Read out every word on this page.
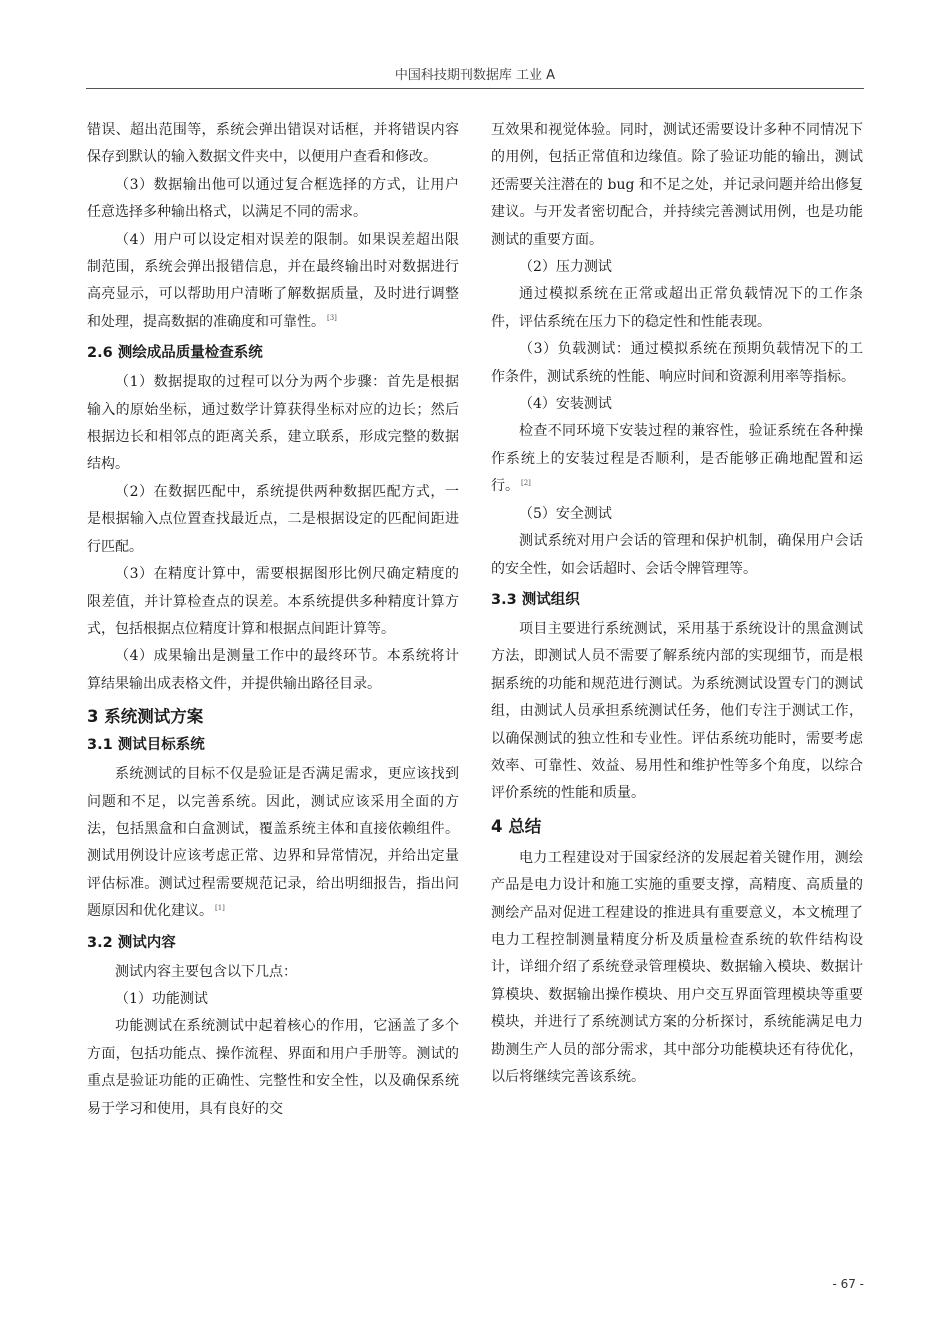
中国科技期刊数据库 工业 A

错误、超出范围等，系统会弹出错误对话框，并将错误内容保存到默认的输入数据文件夹中，以便用户查看和修改。

（3）数据输出他可以通过复合框选择的方式，让用户任意选择多种输出格式，以满足不同的需求。

（4）用户可以设定相对误差的限制。如果误差超出限制范围，系统会弹出报错信息，并在最终输出时对数据进行高亮显示，可以帮助用户清晰了解数据质量，及时进行调整和处理，提高数据的准确度和可靠性。 [3]

2.6 测绘成品质量检查系统

（1）数据提取的过程可以分为两个步骤：首先是根据输入的原始坐标，通过数学计算获得坐标对应的边长；然后根据边长和相邻点的距离关系，建立联系，形成完整的数据结构。

（2）在数据匹配中，系统提供两种数据匹配方式，一是根据输入点位置查找最近点，二是根据设定的匹配间距进行匹配。

（3）在精度计算中，需要根据图形比例尺确定精度的限差值，并计算检查点的误差。本系统提供多种精度计算方式，包括根据点位精度计算和根据点间距计算等。

（4）成果输出是测量工作中的最终环节。本系统将计算结果输出成表格文件，并提供输出路径目录。

3 系统测试方案
3.1 测试目标系统

系统测试的目标不仅是验证是否满足需求，更应该找到问题和不足，以完善系统。因此，测试应该采用全面的方法，包括黑盒和白盒测试，覆盖系统主体和直接依赖组件。测试用例设计应该考虑正常、边界和异常情况，并给出定量评估标准。测试过程需要规范记录，给出明细报告，指出问题原因和优化建议。 [1]

3.2 测试内容

测试内容主要包含以下几点：

（1）功能测试

功能测试在系统测试中起着核心的作用，它涵盖了多个方面，包括功能点、操作流程、界面和用户手册等。测试的重点是验证功能的正确性、完整性和安全性，以及确保系统易于学习和使用，具有良好的交

互效果和视觉体验。同时，测试还需要设计多种不同情况下的用例，包括正常值和边缘值。除了验证功能的输出，测试还需要关注潜在的 bug 和不足之处，并记录问题并给出修复建议。与开发者密切配合，并持续完善测试用例，也是功能测试的重要方面。

（2）压力测试

通过模拟系统在正常或超出正常负载情况下的工作条件，评估系统在压力下的稳定性和性能表现。

（3）负载测试：通过模拟系统在预期负载情况下的工作条件，测试系统的性能、响应时间和资源利用率等指标。

（4）安装测试

检查不同环境下安装过程的兼容性，验证系统在各种操作系统上的安装过程是否顺利，是否能够正确地配置和运行。 [2]

（5）安全测试

测试系统对用户会话的管理和保护机制，确保用户会话的安全性，如会话超时、会话令牌管理等。

3.3 测试组织

项目主要进行系统测试，采用基于系统设计的黑盒测试方法，即测试人员不需要了解系统内部的实现细节，而是根据系统的功能和规范进行测试。为系统测试设置专门的测试组，由测试人员承担系统测试任务，他们专注于测试工作，以确保测试的独立性和专业性。评估系统功能时，需要考虑效率、可靠性、效益、易用性和维护性等多个角度，以综合评价系统的性能和质量。

4 总结

电力工程建设对于国家经济的发展起着关键作用，测绘产品是电力设计和施工实施的重要支撑，高精度、高质量的测绘产品对促进工程建设的推进具有重要意义，本文梳理了电力工程控制测量精度分析及质量检查系统的软件结构设计，详细介绍了系统登录管理模块、数据输入模块、数据计算模块、数据输出操作模块、用户交互界面管理模块等重要模块，并进行了系统测试方案的分析探讨，系统能满足电力勘测生产人员的部分需求，其中部分功能模块还有待优化，以后将继续完善该系统。

- 67 -
